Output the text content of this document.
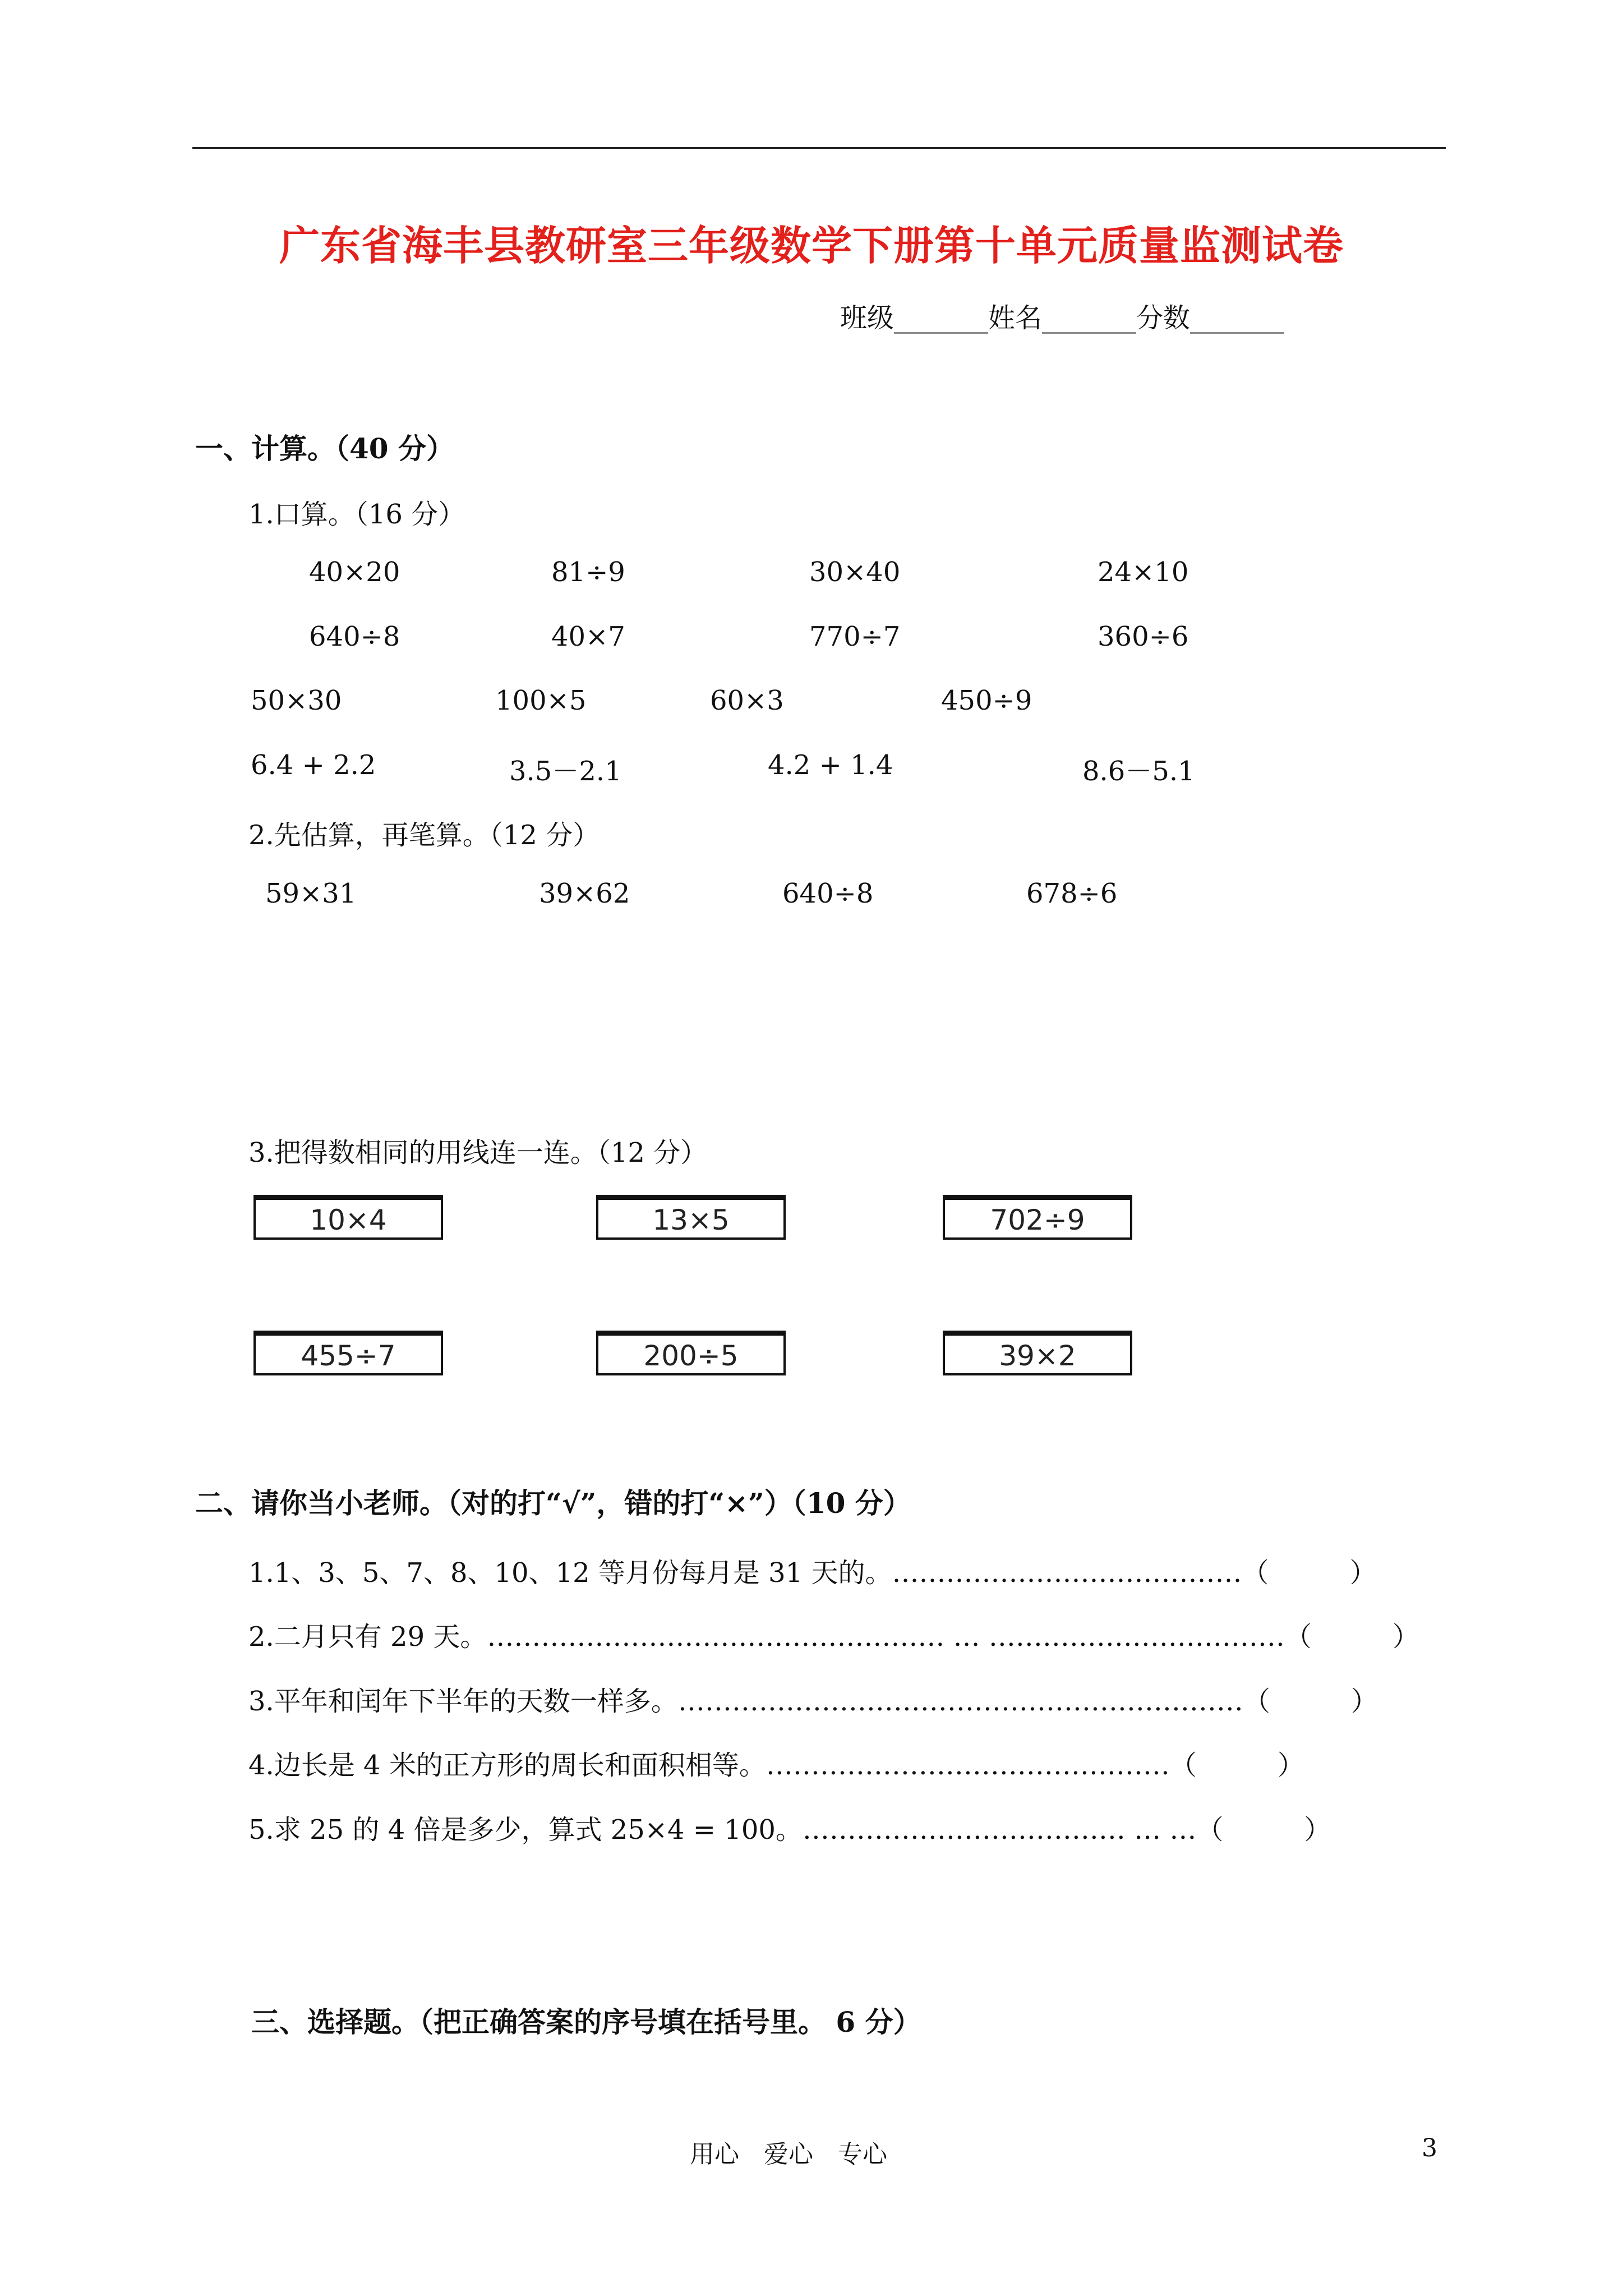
广东省海丰县教研室三年级数学下册第十单元质量监测试卷
班级_______姓名_______分数_______
一、计算。（40 分）
1.口算。（16 分）
40×20	81÷9	30×40	24×10
640÷8	40×7	770÷7	360÷6
50×30	100×5	60×3	450÷9
6.4 + 2.2	3.5－2.1	4.2 + 1.4	8.6－5.1
2.先估算，再笔算。（12 分）
59×31	39×62	640÷8	678÷6
3.把得数相同的用线连一连。（12 分）
10×4	13×5	702÷9
455÷7	200÷5	39×2
二、请你当小老师。（对的打“√”，错的打“×”）（10 分）
1.1、3、5、7、8、10、12 等月份每月是 31 天的。…………………………………（　　　）
2.二月只有 29 天。…………………………………………… … ……………………………（　　　）
3.平年和闰年下半年的天数一样多。………………………………………………………（　　　）
4.边长是 4 米的正方形的周长和面积相等。………………………………………（　　　）
5.求 25 的 4 倍是多少，算式 25×4 = 100。……………………………… … …（　　　）
三、选择题。（把正确答案的序号填在括号里。 6 分）
用心　爱心　专心	3
